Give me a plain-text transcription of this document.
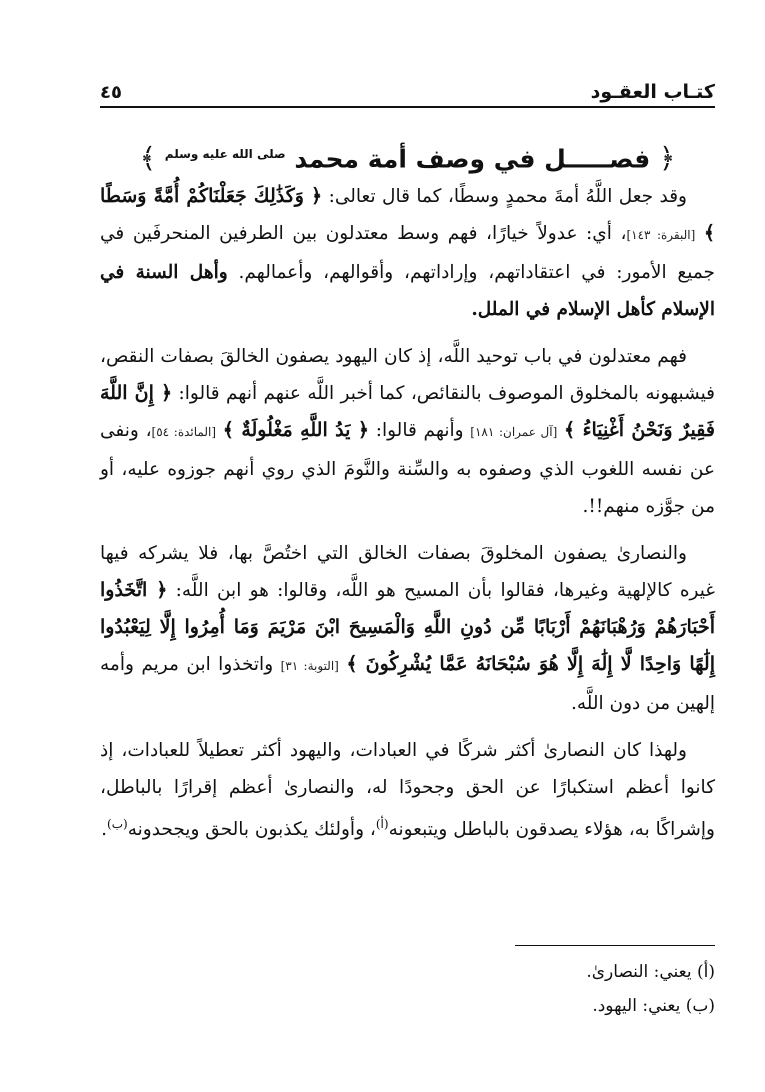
كتـاب العقـود
٤٥
﴿ فصـــــل في وصف أمة محمد $^{صلى الله عليه وسلم}$ ﴾

وقد جعل اللَّهُ أمةَ محمدٍ وسطًا، كما قال تعالى: ﴿ وَكَذَٰلِكَ جَعَلْنَاكُمْ أُمَّةً وَسَطًا ﴾ [البقرة: ١٤٣]، أي: عدولاً خيارًا، فهم وسط معتدلون بين الطرفين المنحرفَين في جميع الأمور: في اعتقاداتهم، وإراداتهم، وأقوالهم، وأعمالهم. وأهل السنة في الإسلام كأهل الإسلام في الملل.

فهم معتدلون في باب توحيد اللَّه، إذ كان اليهود يصفون الخالقَ بصفات النقص، فيشبهونه بالمخلوق الموصوف بالنقائص، كما أخبر اللَّه عنهم أنهم قالوا: ﴿ إِنَّ اللَّهَ فَقِيرٌ وَنَحْنُ أَغْنِيَاءُ ﴾ [آل عمران: ١٨١] وأنهم قالوا: ﴿ يَدُ اللَّهِ مَغْلُولَةٌ ﴾ [المائدة: ٥٤]، ونفى عن نفسه اللغوب الذي وصفوه به والسِّنة والنَّومَ الذي روي أنهم جوزوه عليه، أو من جوَّزه منهم!!.

والنصارىٰ يصفون المخلوقَ بصفات الخالق التي اختُصَّ بها، فلا يشركه فيها غيره كالإلهية وغيرها، فقالوا بأن المسيح هو اللَّه، وقالوا: هو ابن اللَّه: ﴿ اتَّخَذُوا أَحْبَارَهُمْ وَرُهْبَانَهُمْ أَرْبَابًا مِّن دُونِ اللَّهِ وَالْمَسِيحَ ابْنَ مَرْيَمَ وَمَا أُمِرُوا إِلَّا لِيَعْبُدُوا إِلَٰهًا وَاحِدًا لَّا إِلَٰهَ إِلَّا هُوَ سُبْحَانَهُ عَمَّا يُشْرِكُونَ ﴾ [التوبة: ٣١] واتخذوا ابن مريم وأمه إلهين من دون اللَّه.

ولهذا كان النصارىٰ أكثر شركًا في العبادات، واليهود أكثر تعطيلاً للعبادات، إذ كانوا أعظم استكبارًا عن الحق وجحودًا له، والنصارىٰ أعظم إقرارًا بالباطل، وإشراكًا به، هؤلاء يصدقون بالباطل ويتبعونه$^{(أ)}$، وأولئك يكذبون بالحق ويجحدونه$^{(ب)}$.

(أ) يعني: النصارىٰ.

(ب) يعني: اليهود.
